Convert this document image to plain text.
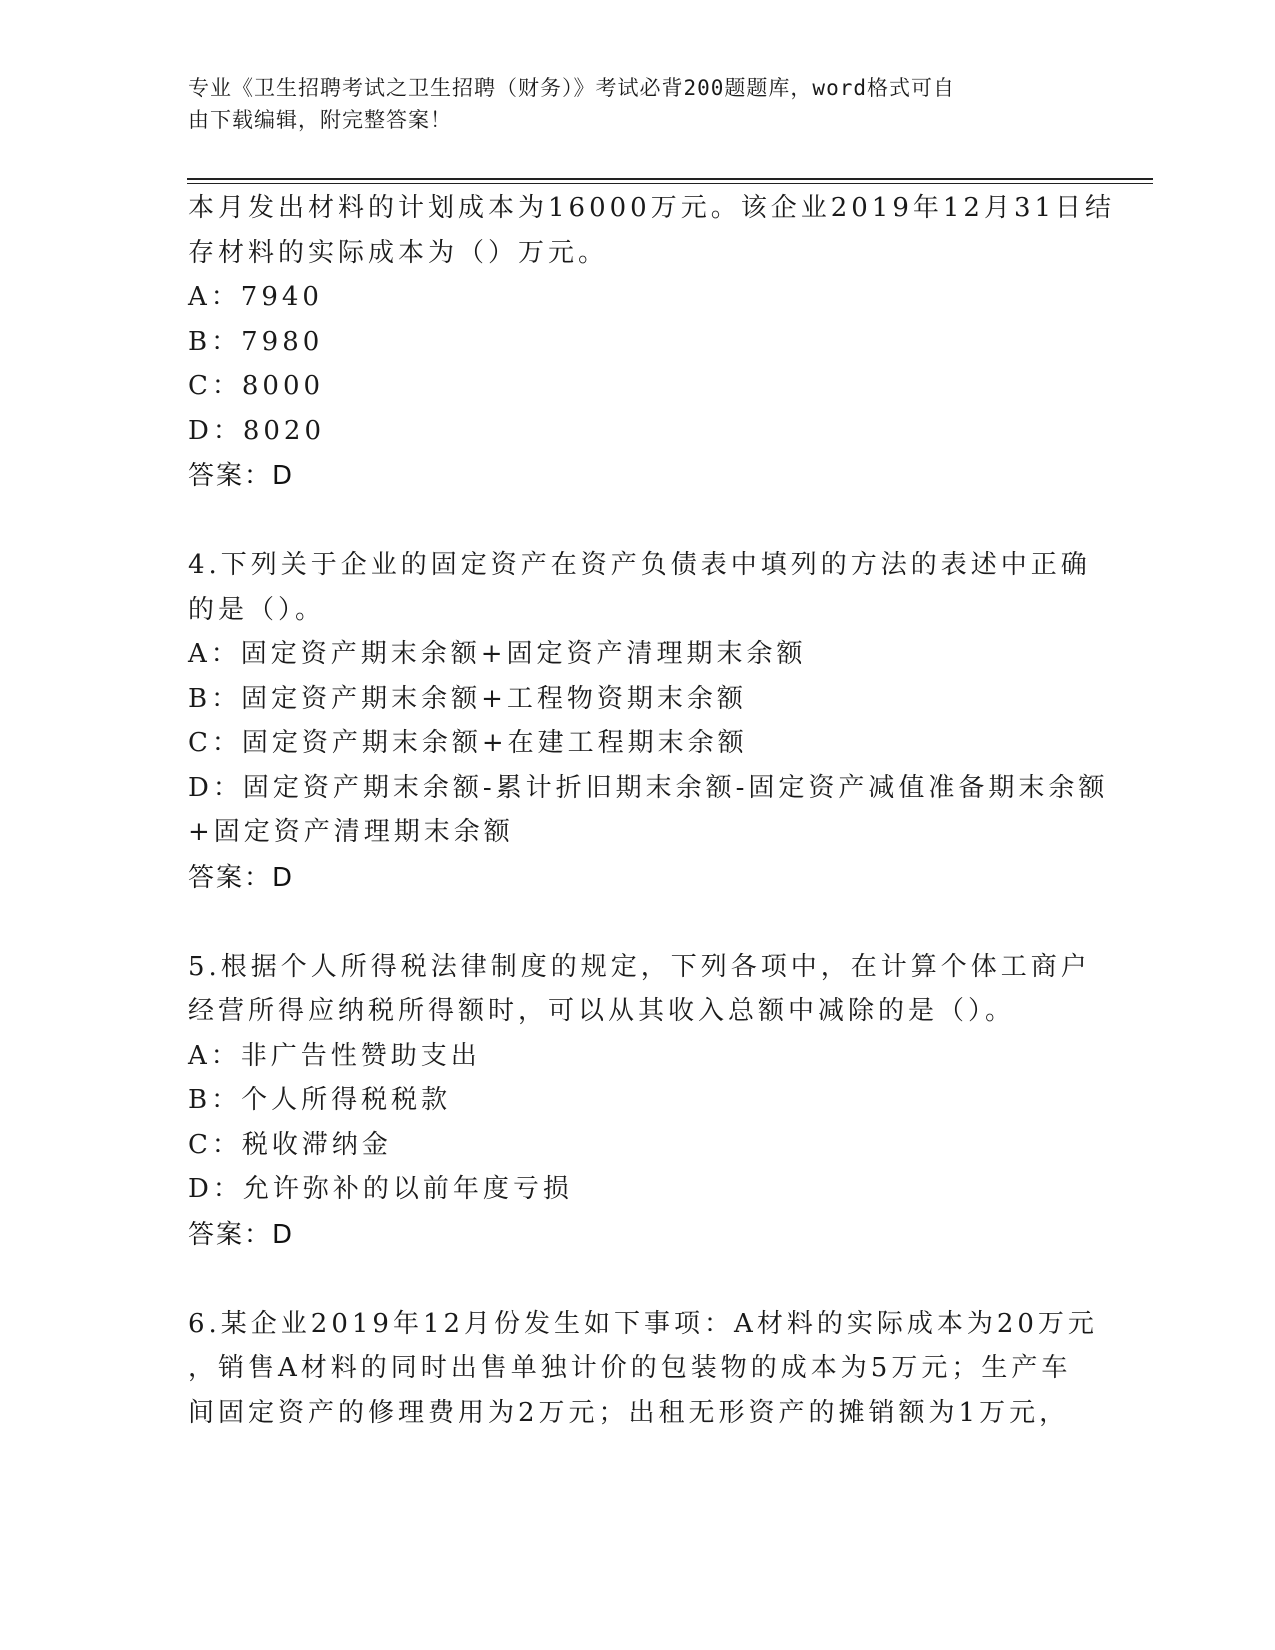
专业《卫生招聘考试之卫生招聘（财务）》考试必背200题题库，word格式可自
由下载编辑，附完整答案！
本月发出材料的计划成本为16000万元。该企业2019年12月31日结
存材料的实际成本为（）万元。
A：7940
B：7980
C：8000
D：8020
答案：D
4.下列关于企业的固定资产在资产负债表中填列的方法的表述中正确
的是（）。
A：固定资产期末余额+固定资产清理期末余额
B：固定资产期末余额+工程物资期末余额
C：固定资产期末余额+在建工程期末余额
D：固定资产期末余额-累计折旧期末余额-固定资产减值准备期末余额
+固定资产清理期末余额
答案：D
5.根据个人所得税法律制度的规定，下列各项中，在计算个体工商户
经营所得应纳税所得额时，可以从其收入总额中减除的是（）。
A：非广告性赞助支出
B：个人所得税税款
C：税收滞纳金
D：允许弥补的以前年度亏损
答案：D
6.某企业2019年12月份发生如下事项：A材料的实际成本为20万元
，销售A材料的同时出售单独计价的包装物的成本为5万元；生产车
间固定资产的修理费用为2万元；出租无形资产的摊销额为1万元，
